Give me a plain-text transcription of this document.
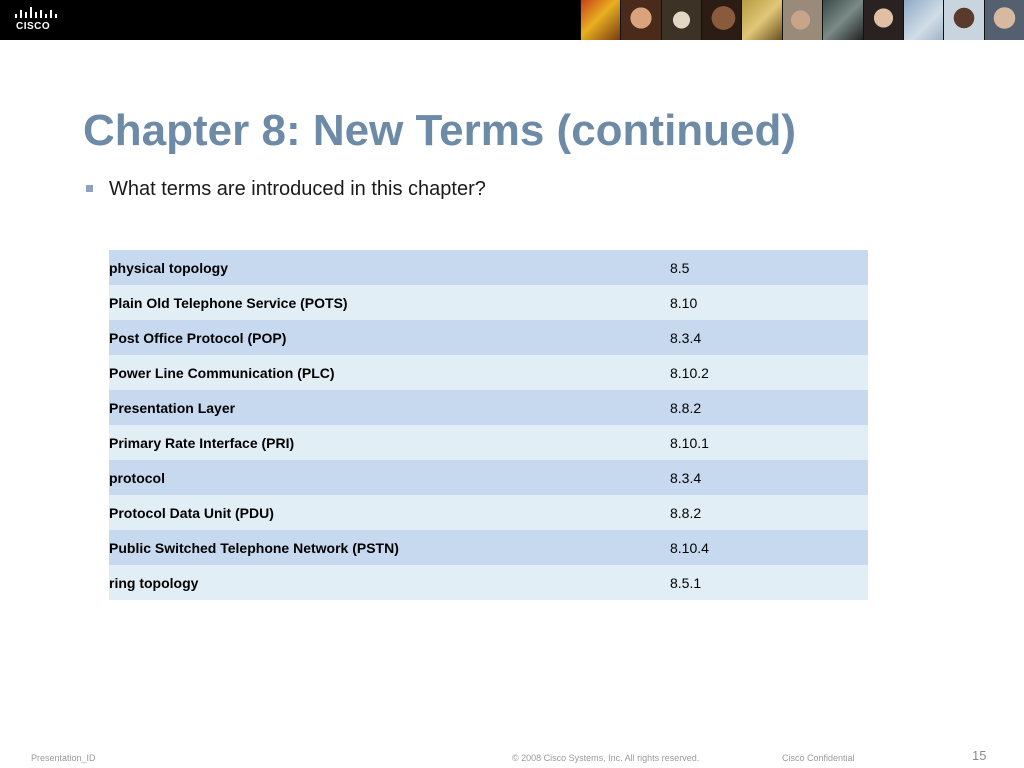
CISCO
Chapter 8: New Terms (continued)
What terms are introduced in this chapter?
physical topology	8.5
Plain Old Telephone Service (POTS)	8.10
Post Office Protocol (POP)	8.3.4
Power Line Communication (PLC)	8.10.2
Presentation Layer	8.8.2
Primary Rate Interface (PRI)	8.10.1
protocol	8.3.4
Protocol Data Unit (PDU)	8.8.2
Public Switched Telephone Network (PSTN)	8.10.4
ring topology	8.5.1
Presentation_ID	© 2008 Cisco Systems, Inc. All rights reserved.	Cisco Confidential	15
